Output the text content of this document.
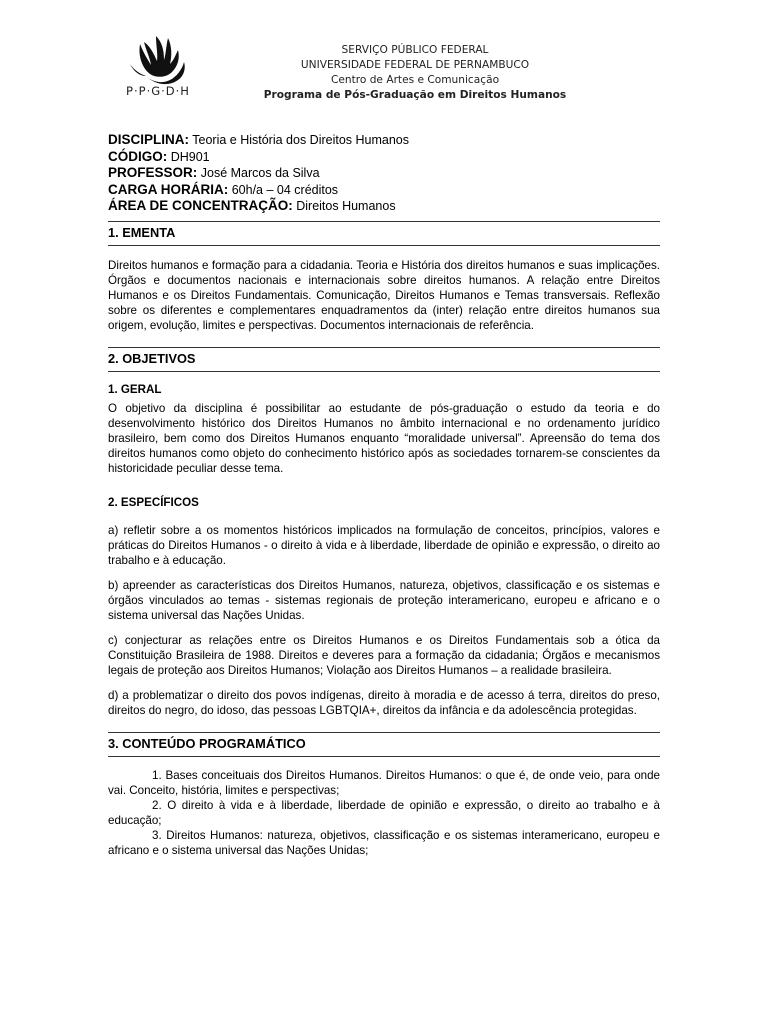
P·P·G·D·H
SERVIÇO PÚBLICO FEDERAL
UNIVERSIDADE FEDERAL DE PERNAMBUCO
Centro de Artes e Comunicação
Programa de Pós-Graduação em Direitos Humanos
DISCIPLINA: Teoria e História dos Direitos Humanos
CÓDIGO: DH901
PROFESSOR: José Marcos da Silva
CARGA HORÁRIA: 60h/a – 04 créditos
ÁREA DE CONCENTRAÇÃO: Direitos Humanos
1. EMENTA

Direitos humanos e formação para a cidadania. Teoria e História dos direitos humanos e suas implicações. Órgãos e documentos nacionais e internacionais sobre direitos humanos. A relação entre Direitos Humanos e os Direitos Fundamentais. Comunicação, Direitos Humanos e Temas transversais. Reflexão sobre os diferentes e complementares enquadramentos da (inter) relação entre direitos humanos sua origem, evolução, limites e perspectivas. Documentos internacionais de referência.

2. OBJETIVOS
1. GERAL

O objetivo da disciplina é possibilitar ao estudante de pós-graduação o estudo da teoria e do desenvolvimento histórico dos Direitos Humanos no âmbito internacional e no ordenamento jurídico brasileiro, bem como dos Direitos Humanos enquanto “moralidade universal”. Apreensão do tema dos direitos humanos como objeto do conhecimento histórico após as sociedades tornarem-se conscientes da historicidade peculiar desse tema.

2. ESPECÍFICOS

a) refletir sobre a os momentos históricos implicados na formulação de conceitos, princípios, valores e práticas do Direitos Humanos - o direito à vida e à liberdade, liberdade de opinião e expressão, o direito ao trabalho e à educação.

b) apreender as características dos Direitos Humanos, natureza, objetivos, classificação e os sistemas e órgãos vinculados ao temas - sistemas regionais de proteção interamericano, europeu e africano e o sistema universal das Nações Unidas.

c) conjecturar as relações entre os Direitos Humanos e os Direitos Fundamentais sob a ótica da Constituição Brasileira de 1988. Direitos e deveres para a formação da cidadania; Órgãos e mecanismos legais de proteção aos Direitos Humanos; Violação aos Direitos Humanos – a realidade brasileira.

d) a problematizar o direito dos povos indígenas, direito à moradia e de acesso á terra, direitos do preso, direitos do negro, do idoso, das pessoas LGBTQIA+, direitos da infância e da adolescência protegidas.

3. CONTEÚDO PROGRAMÁTICO

1. Bases conceituais dos Direitos Humanos. Direitos Humanos: o que é, de onde veio, para onde vai. Conceito, história, limites e perspectivas;

2. O direito à vida e à liberdade, liberdade de opinião e expressão, o direito ao trabalho e à educação;

3. Direitos Humanos: natureza, objetivos, classificação e os sistemas interamericano, europeu e africano e o sistema universal das Nações Unidas;
